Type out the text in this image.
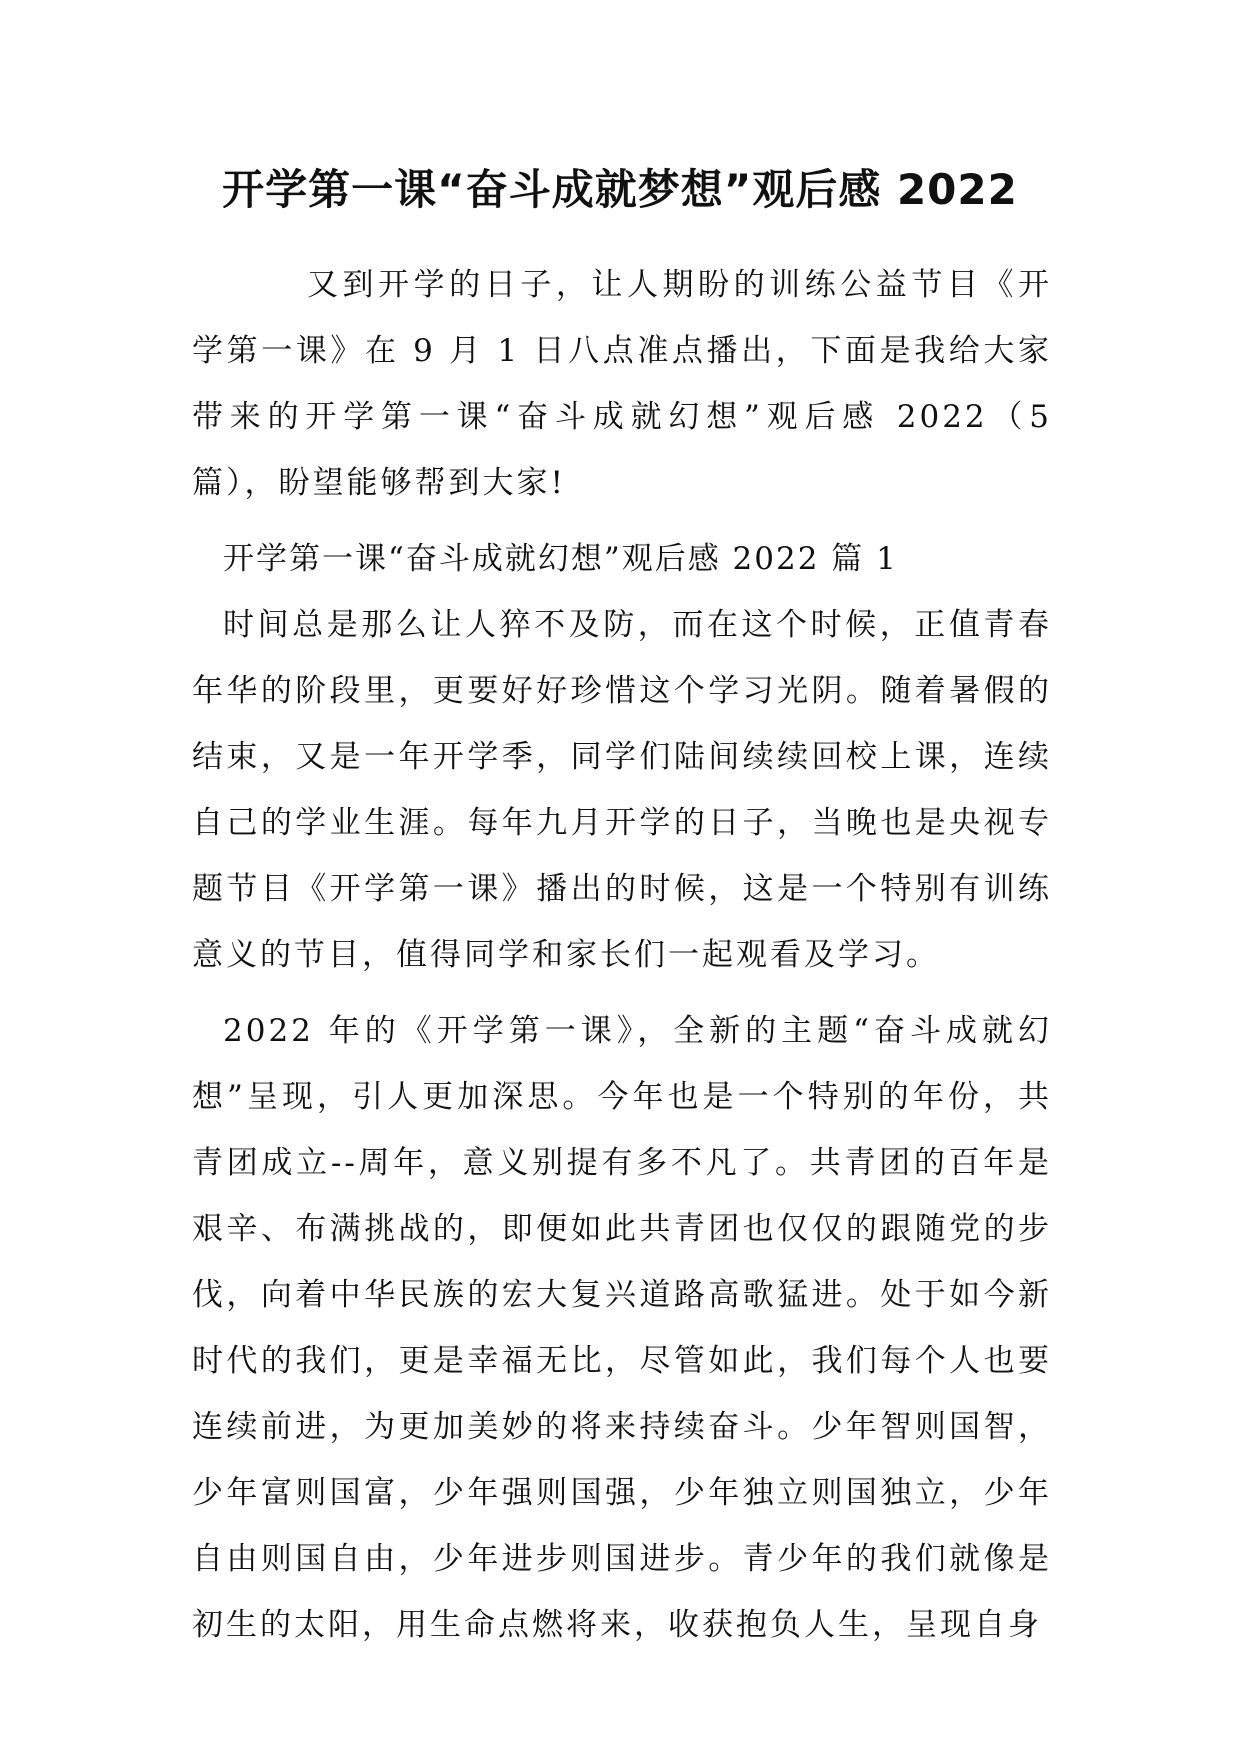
开学第一课“奋斗成就梦想”观后感 2022

又到开学的日子，让人期盼的训练公益节目《开学第一课》在 9 月 1 日八点准点播出，下面是我给大家带来的开学第一课“奋斗成就幻想”观后感 2022（5 篇），盼望能够帮到大家!

开学第一课“奋斗成就幻想”观后感 2022 篇 1

时间总是那么让人猝不及防，而在这个时候，正值青春年华的阶段里，更要好好珍惜这个学习光阴。随着暑假的结束，又是一年开学季，同学们陆间续续回校上课，连续自己的学业生涯。每年九月开学的日子，当晚也是央视专题节目《开学第一课》播出的时候，这是一个特别有训练意义的节目，值得同学和家长们一起观看及学习。

2022 年的《开学第一课》，全新的主题“奋斗成就幻想”呈现，引人更加深思。今年也是一个特别的年份，共青团成立--周年，意义别提有多不凡了。共青团的百年是艰辛、布满挑战的，即便如此共青团也仅仅的跟随党的步伐，向着中华民族的宏大复兴道路高歌猛进。处于如今新时代的我们，更是幸福无比，尽管如此，我们每个人也要连续前进，为更加美妙的将来持续奋斗。少年智则国智，少年富则国富，少年强则国强，少年独立则国独立，少年自由则国自由，少年进步则国进步。青少年的我们就像是初生的太阳，用生命点燃将来，收获抱负人生，呈现自身
